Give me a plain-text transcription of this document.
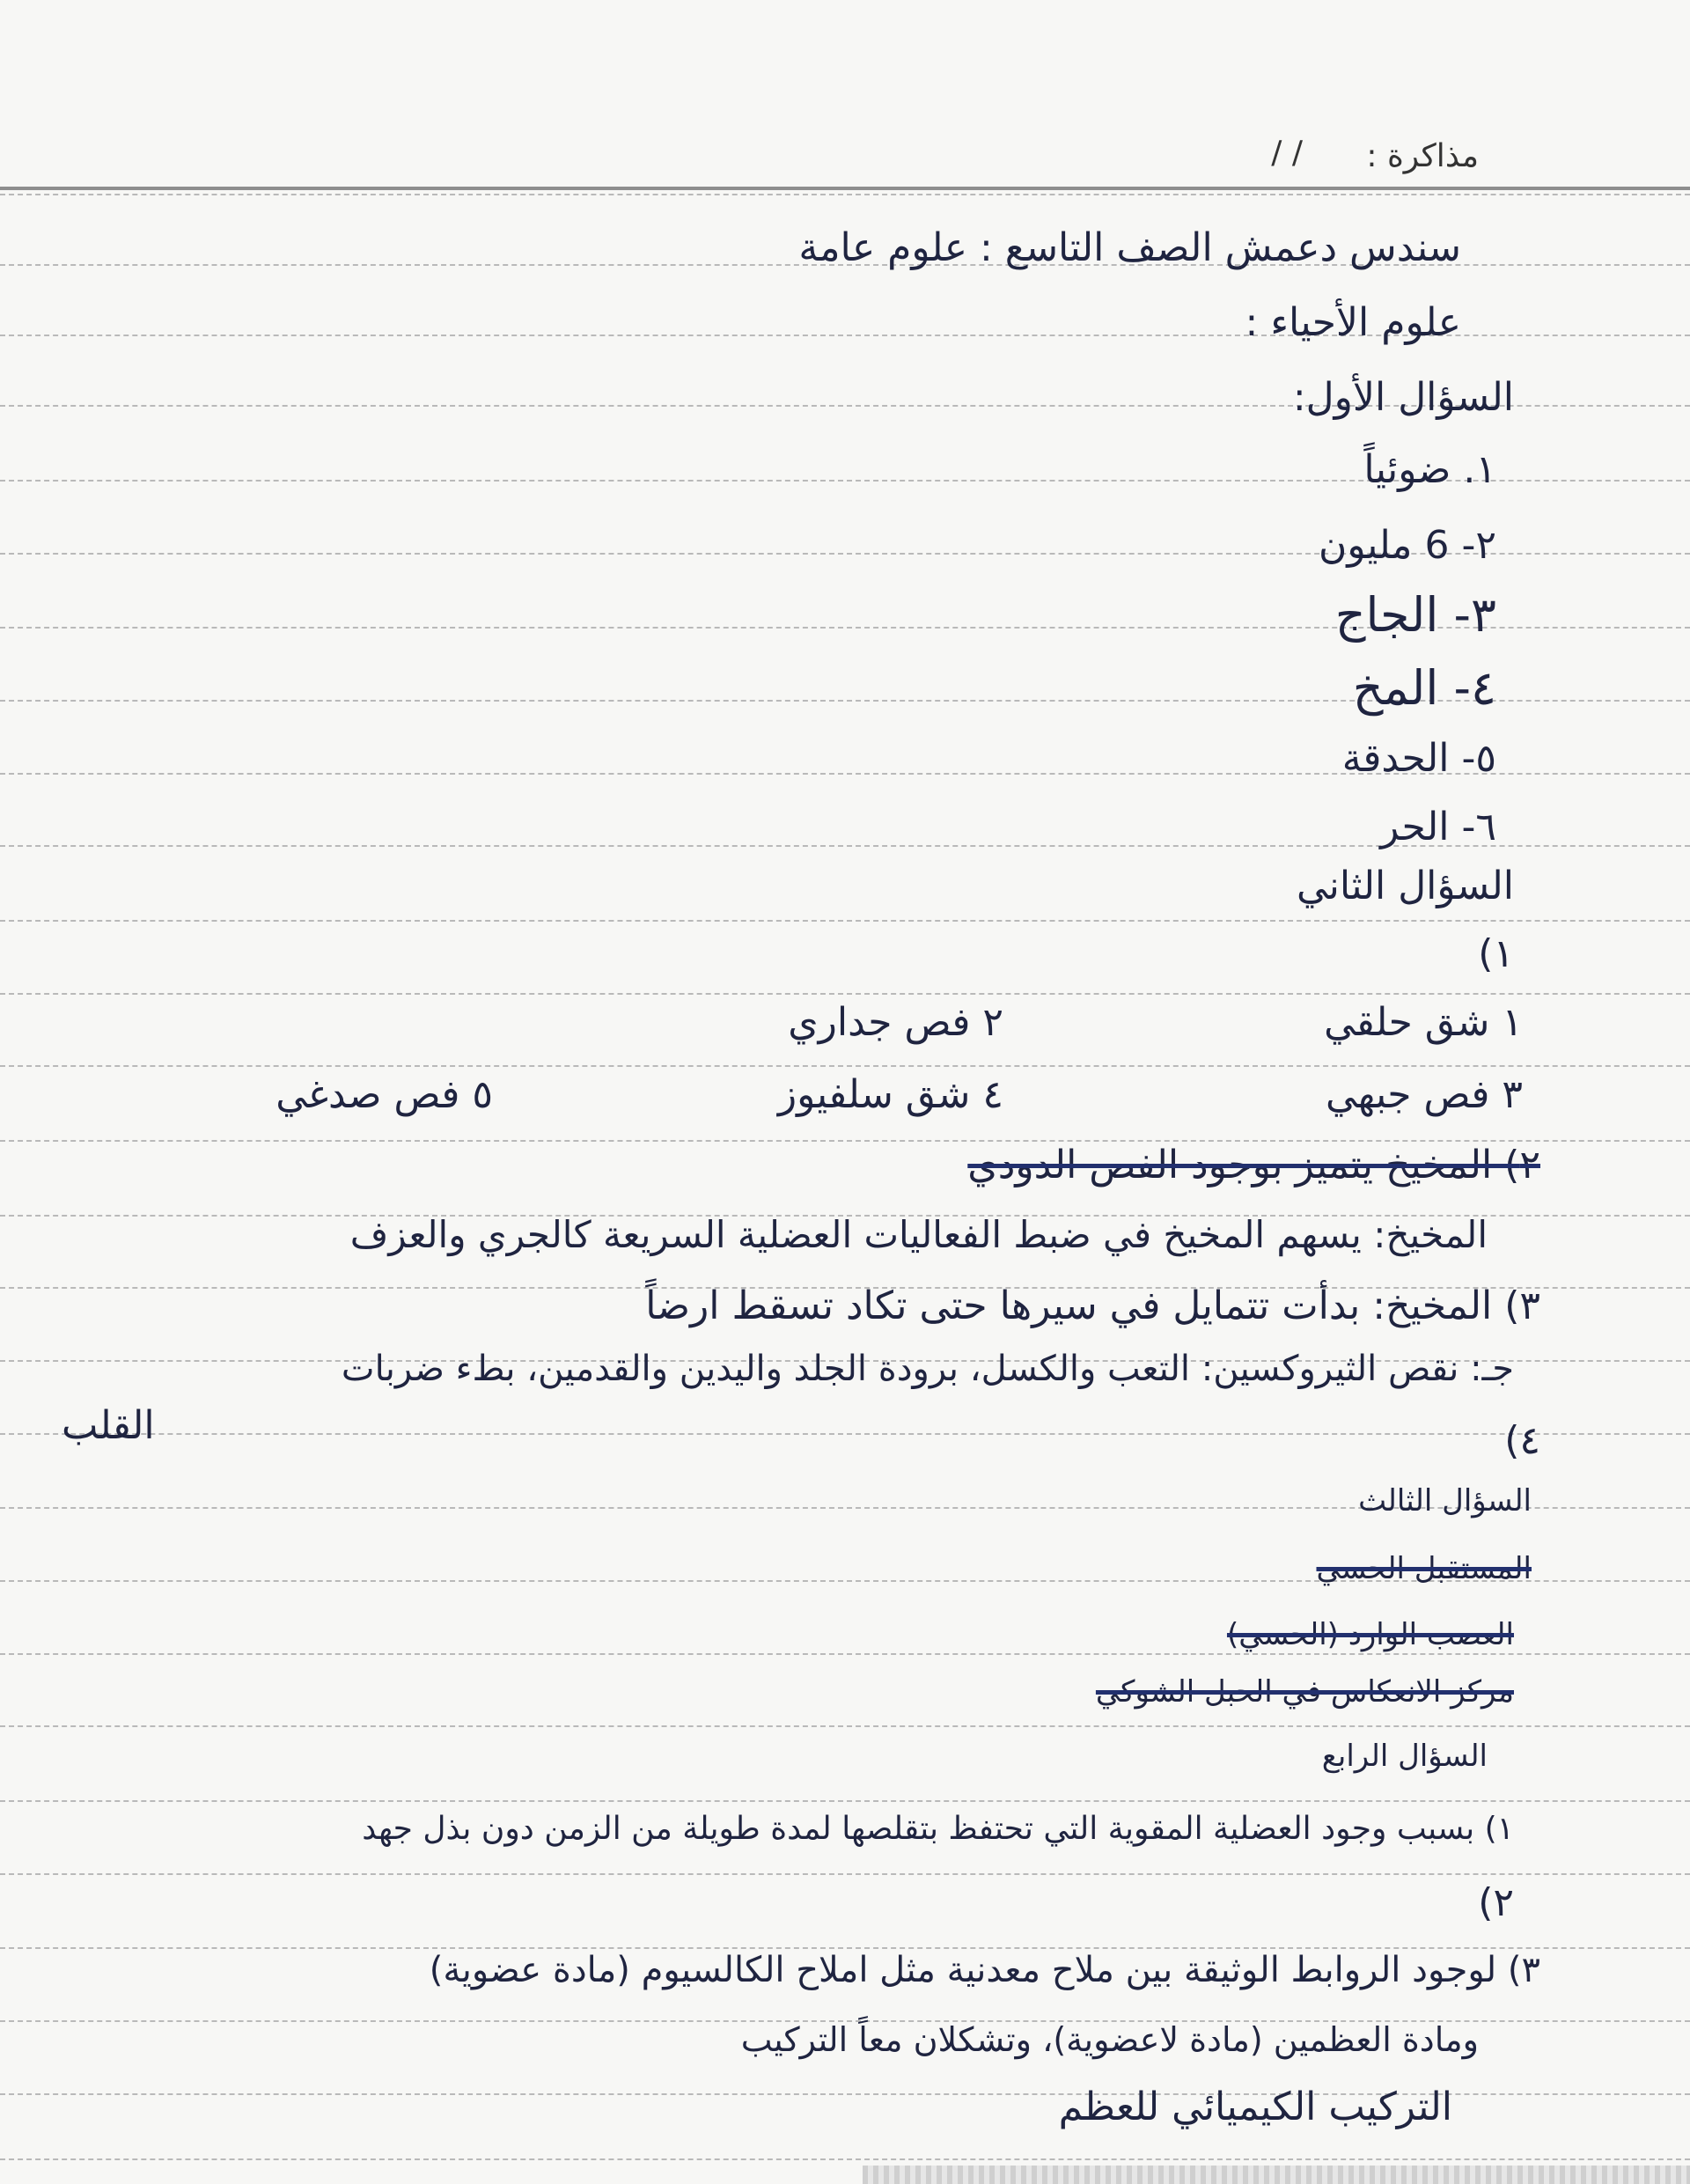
مذاكرة :
/ /
سندس دعمش الصف التاسع : علوم عامة
علوم الأحياء :
السؤال الأول:
١. ضوئياً
٢- 6 مليون
٣- الجاج
٤- المخ
٥- الحدقة
٦- الحر
السؤال الثاني
١)
١ شق حلقي
٢ فص جداري
٣ فص جبهي
٤ شق سلفيوز
٥ فص صدغي
٢) المخيخ يتميز بوجود الفص الدودي
المخيخ: يسهم المخيخ في ضبط الفعاليات العضلية السريعة كالجري والعزف
٣) المخيخ: بدأت تتمايل في سيرها حتى تكاد تسقط ارضاً
جـ: نقص الثيروكسين: التعب والكسل، برودة الجلد واليدين والقدمين، بطء ضربات
القلب	٤)
السؤال الثالث
المستقبل الحسي
العصب الوارد (الحسي)
مركز الانعكاس في الحبل الشوكي
السؤال الرابع
١) بسبب وجود العضلية المقوية التي تحتفظ بتقلصها لمدة طويلة من الزمن دون بذل جهد
٢)
٣) لوجود الروابط الوثيقة بين ملاح معدنية مثل املاح الكالسيوم (مادة عضوية)
ومادة العظمين (مادة لاعضوية)، وتشكلان معاً التركيب
التركيب الكيميائي للعظم
